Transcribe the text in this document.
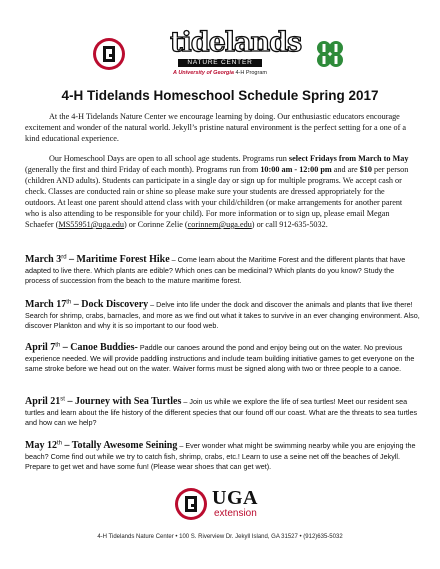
tidelands
NATURE CENTER
A University of Georgia 4-H Program
4-H Tidelands Homeschool Schedule Spring 2017

At the 4-H Tidelands Nature Center we encourage learning by doing. Our enthusiastic educators encourage excitement and wonder of the natural world. Jekyll’s pristine natural environment is the perfect setting for a one of a kind educational experience.

Our Homeschool Days are open to all school age students. Programs run select Fridays from March to May (generally the first and third Friday of each month). Programs run from 10:00 am - 12:00 pm and are $10 per person (children AND adults). Students can participate in a single day or sign up for multiple programs. We accept cash or check. Classes are conducted rain or shine so please make sure your students are dressed appropriately for the outdoors. At least one parent should attend class with your child/children (or make arrangements for another parent who is also attending to be responsible for your child). For more information or to sign up, please email Megan Schaefer (MS55951@uga.edu) or Corinne Zelie (corinnem@uga.edu) or call 912-635-5032.

March 3rd – Maritime Forest Hike – Come learn about the Maritime Forest and the different plants that have adapted to live there. Which plants are edible? Which ones can be medicinal? Which plants do you know? Study the process of succession from the beach to the mature maritime forest.

March 17th – Dock Discovery – Delve into life under the dock and discover the animals and plants that live there! Search for shrimp, crabs, barnacles, and more as we find out what it takes to survive in an ever changing environment. Also, discover Plankton and why it is so important to our food web.

April 7th – Canoe Buddies- Paddle our canoes around the pond and enjoy being out on the water. No previous experience needed. We will provide paddling instructions and include team building initiative games to get everyone on the same stroke before we head out on the water. Waiver forms must be signed along with two or three people to a canoe.

April 21st – Journey with Sea Turtles – Join us while we explore the life of sea turtles! Meet our resident sea turtles and learn about the life history of the different species that our found off our coast. What are the threats to sea turtles and how can we help?

May 12th – Totally Awesome Seining – Ever wonder what might be swimming nearby while you are enjoying the beach? Come find out while we try to catch fish, shrimp, crabs, etc.! Learn to use a seine net off the beaches of Jekyll. Prepare to get wet and have some fun! (Please wear shoes that can get wet).

UGA
extension
4-H Tidelands Nature Center • 100 S. Riverview Dr. Jekyll Island, GA 31527 • (912)635-5032
